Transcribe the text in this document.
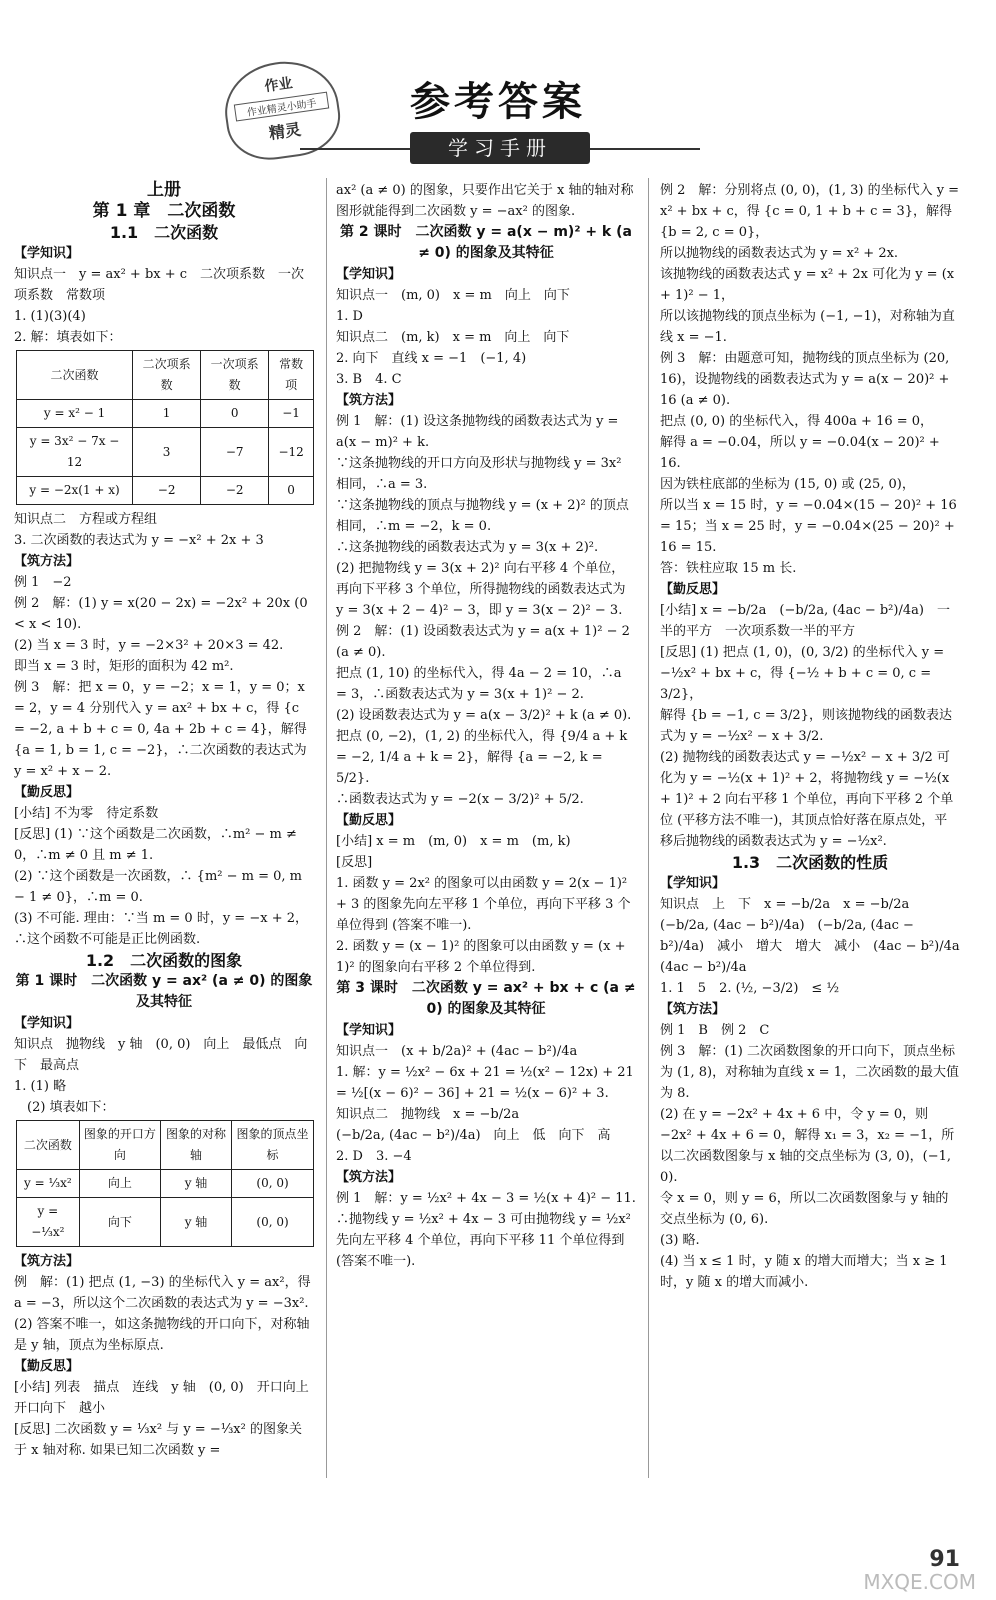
作业
作业精灵小助手
精灵
参考答案
学习手册

上册

第 1 章　二次函数

1.1　二次函数

【学知识】

知识点一　y = ax² + bx + c　二次项系数　一次项系数　常数项

1. (1)(3)(4)

2. 解：填表如下：

二次函数	二次项系数	一次项系数	常数项
y = x² − 1	1	0	−1
y = 3x² − 7x − 12	3	−7	−12
y = −2x(1 + x)	−2	−2	0

知识点二　方程或方程组

3. 二次函数的表达式为 y = −x² + 2x + 3

【筑方法】

例 1　−2

例 2　解：(1) y = x(20 − 2x) = −2x² + 20x (0 < x < 10).

(2) 当 x = 3 时，y = −2×3² + 20×3 = 42.

即当 x = 3 时，矩形的面积为 42 m².

例 3　解：把 x = 0，y = −2；x = 1，y = 0；x = 2，y = 4 分别代入 y = ax² + bx + c，得 {c = −2, a + b + c = 0, 4a + 2b + c = 4}，解得 {a = 1, b = 1, c = −2}，∴二次函数的表达式为 y = x² + x − 2.

【勤反思】

[小结] 不为零　待定系数

[反思] (1) ∵这个函数是二次函数，∴m² − m ≠ 0，∴m ≠ 0 且 m ≠ 1.

(2) ∵这个函数是一次函数，∴ {m² − m = 0, m − 1 ≠ 0}，∴m = 0.

(3) 不可能. 理由：∵当 m = 0 时，y = −x + 2，∴这个函数不可能是正比例函数.

1.2　二次函数的图象

第 1 课时　二次函数 y = ax² (a ≠ 0) 的图象及其特征

【学知识】

知识点　抛物线　y 轴　(0, 0)　向上　最低点　向下　最高点

1. (1) 略

　(2) 填表如下：

二次函数	图象的开口方向	图象的对称轴	图象的顶点坐标
y = ⅓x²	向上	y 轴	(0, 0)
y = −⅓x²	向下	y 轴	(0, 0)

【筑方法】

例　解：(1) 把点 (1, −3) 的坐标代入 y = ax²，得 a = −3，所以这个二次函数的表达式为 y = −3x².

(2) 答案不唯一，如这条抛物线的开口向下，对称轴是 y 轴，顶点为坐标原点.

【勤反思】

[小结] 列表　描点　连线　y 轴　(0, 0)　开口向上　开口向下　越小

[反思] 二次函数 y = ⅓x² 与 y = −⅓x² 的图象关于 x 轴对称. 如果已知二次函数 y =

ax² (a ≠ 0) 的图象，只要作出它关于 x 轴的轴对称图形就能得到二次函数 y = −ax² 的图象.

第 2 课时　二次函数 y = a(x − m)² + k (a ≠ 0) 的图象及其特征

【学知识】

知识点一　(m, 0)　x = m　向上　向下

1. D

知识点二　(m, k)　x = m　向上　向下

2. 向下　直线 x = −1　(−1, 4)

3. B　4. C

【筑方法】

例 1　解：(1) 设这条抛物线的函数表达式为 y = a(x − m)² + k.

∵这条抛物线的开口方向及形状与抛物线 y = 3x² 相同，∴a = 3.

∵这条抛物线的顶点与抛物线 y = (x + 2)² 的顶点相同，∴m = −2，k = 0.

∴这条抛物线的函数表达式为 y = 3(x + 2)².

(2) 把抛物线 y = 3(x + 2)² 向右平移 4 个单位，再向下平移 3 个单位，所得抛物线的函数表达式为 y = 3(x + 2 − 4)² − 3，即 y = 3(x − 2)² − 3.

例 2　解：(1) 设函数表达式为 y = a(x + 1)² − 2 (a ≠ 0).

把点 (1, 10) 的坐标代入，得 4a − 2 = 10，∴a = 3，∴函数表达式为 y = 3(x + 1)² − 2.

(2) 设函数表达式为 y = a(x − 3/2)² + k (a ≠ 0).

把点 (0, −2)，(1, 2) 的坐标代入，得 {9/4 a + k = −2, 1/4 a + k = 2}，解得 {a = −2, k = 5/2}.

∴函数表达式为 y = −2(x − 3/2)² + 5/2.

【勤反思】

[小结] x = m　(m, 0)　x = m　(m, k)

[反思]

1. 函数 y = 2x² 的图象可以由函数 y = 2(x − 1)² + 3 的图象先向左平移 1 个单位，再向下平移 3 个单位得到 (答案不唯一).

2. 函数 y = (x − 1)² 的图象可以由函数 y = (x + 1)² 的图象向右平移 2 个单位得到.

第 3 课时　二次函数 y = ax² + bx + c (a ≠ 0) 的图象及其特征

【学知识】

知识点一　(x + b/2a)² + (4ac − b²)/4a

1. 解：y = ½x² − 6x + 21 = ½(x² − 12x) + 21 = ½[(x − 6)² − 36] + 21 = ½(x − 6)² + 3.

知识点二　抛物线　x = −b/2a

(−b/2a, (4ac − b²)/4a)　向上　低　向下　高

2. D　3. −4

【筑方法】

例 1　解：y = ½x² + 4x − 3 = ½(x + 4)² − 11.

∴抛物线 y = ½x² + 4x − 3 可由抛物线 y = ½x² 先向左平移 4 个单位，再向下平移 11 个单位得到 (答案不唯一).

例 2　解：分别将点 (0, 0)，(1, 3) 的坐标代入 y = x² + bx + c，得 {c = 0, 1 + b + c = 3}，解得 {b = 2, c = 0}，

所以抛物线的函数表达式为 y = x² + 2x.

该抛物线的函数表达式 y = x² + 2x 可化为 y = (x + 1)² − 1，

所以该抛物线的顶点坐标为 (−1, −1)，对称轴为直线 x = −1.

例 3　解：由题意可知，抛物线的顶点坐标为 (20, 16)，设抛物线的函数表达式为 y = a(x − 20)² + 16 (a ≠ 0).

把点 (0, 0) 的坐标代入，得 400a + 16 = 0，

解得 a = −0.04，所以 y = −0.04(x − 20)² + 16.

因为铁柱底部的坐标为 (15, 0) 或 (25, 0)，

所以当 x = 15 时，y = −0.04×(15 − 20)² + 16 = 15；当 x = 25 时，y = −0.04×(25 − 20)² + 16 = 15.

答：铁柱应取 15 m 长.

【勤反思】

[小结] x = −b/2a　(−b/2a, (4ac − b²)/4a)　一半的平方　一次项系数一半的平方

[反思] (1) 把点 (1, 0)，(0, 3/2) 的坐标代入 y = −½x² + bx + c，得 {−½ + b + c = 0, c = 3/2}，

解得 {b = −1, c = 3/2}，则该抛物线的函数表达式为 y = −½x² − x + 3/2.

(2) 抛物线的函数表达式 y = −½x² − x + 3/2 可化为 y = −½(x + 1)² + 2，将抛物线 y = −½(x + 1)² + 2 向右平移 1 个单位，再向下平移 2 个单位 (平移方法不唯一)，其顶点恰好落在原点处，平移后抛物线的函数表达式为 y = −½x².

1.3　二次函数的性质

【学知识】

知识点　上　下　x = −b/2a　x = −b/2a　(−b/2a, (4ac − b²)/4a)　(−b/2a, (4ac − b²)/4a)　减小　增大　增大　减小　(4ac − b²)/4a　(4ac − b²)/4a

1. 1　5　2. (½, −3/2)　≤ ½

【筑方法】

例 1　B　例 2　C

例 3　解：(1) 二次函数图象的开口向下，顶点坐标为 (1, 8)，对称轴为直线 x = 1，二次函数的最大值为 8.

(2) 在 y = −2x² + 4x + 6 中，令 y = 0，则 −2x² + 4x + 6 = 0，解得 x₁ = 3，x₂ = −1，所以二次函数图象与 x 轴的交点坐标为 (3, 0)，(−1, 0).

令 x = 0，则 y = 6，所以二次函数图象与 y 轴的交点坐标为 (0, 6).

(3) 略.

(4) 当 x ≤ 1 时，y 随 x 的增大而增大；当 x ≥ 1 时，y 随 x 的增大而减小.

91
MXQE.COM
